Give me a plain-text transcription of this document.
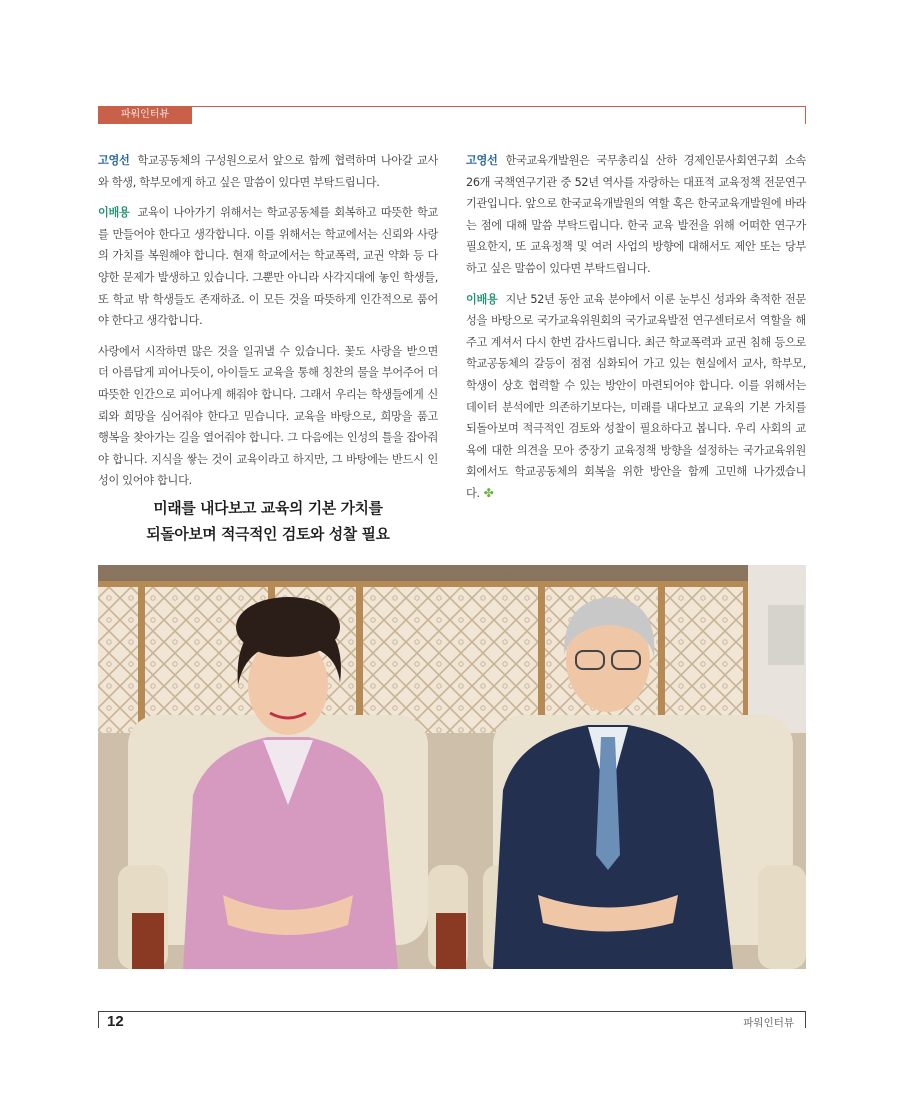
파워인터뷰

고영선 학교공동체의 구성원으로서 앞으로 함께 협력하며 나아갈 교사와 학생, 학부모에게 하고 싶은 말씀이 있다면 부탁드립니다.

이배용 교육이 나아가기 위해서는 학교공동체를 회복하고 따뜻한 학교를 만들어야 한다고 생각합니다. 이를 위해서는 학교에서는 신뢰와 사랑의 가치를 복원해야 합니다. 현재 학교에서는 학교폭력, 교권 약화 등 다양한 문제가 발생하고 있습니다. 그뿐만 아니라 사각지대에 놓인 학생들, 또 학교 밖 학생들도 존재하죠. 이 모든 것을 따뜻하게 인간적으로 품어야 한다고 생각합니다.

사랑에서 시작하면 많은 것을 일궈낼 수 있습니다. 꽃도 사랑을 받으면 더 아름답게 피어나듯이, 아이들도 교육을 통해 칭찬의 물을 부어주어 더 따뜻한 인간으로 피어나게 해줘야 합니다. 그래서 우리는 학생들에게 신뢰와 희망을 심어줘야 한다고 믿습니다. 교육을 바탕으로, 희망을 품고 행복을 찾아가는 길을 열어줘야 합니다. 그 다음에는 인성의 틀을 잡아줘야 합니다. 지식을 쌓는 것이 교육이라고 하지만, 그 바탕에는 반드시 인성이 있어야 합니다.

미래를 내다보고 교육의 기본 가치를
되돌아보며 적극적인 검토와 성찰 필요

고영선 한국교육개발원은 국무총리실 산하 경제인문사회연구회 소속 26개 국책연구기관 중 52년 역사를 자랑하는 대표적 교육정책 전문연구기관입니다. 앞으로 한국교육개발원의 역할 혹은 한국교육개발원에 바라는 점에 대해 말씀 부탁드립니다. 한국 교육 발전을 위해 어떠한 연구가 필요한지, 또 교육정책 및 여러 사업의 방향에 대해서도 제안 또는 당부하고 싶은 말씀이 있다면 부탁드립니다.

이배용 지난 52년 동안 교육 분야에서 이룬 눈부신 성과와 축적한 전문성을 바탕으로 국가교육위원회의 국가교육발전 연구센터로서 역할을 해주고 계셔서 다시 한번 감사드립니다. 최근 학교폭력과 교권 침해 등으로 학교공동체의 갈등이 점점 심화되어 가고 있는 현실에서 교사, 학부모, 학생이 상호 협력할 수 있는 방안이 마련되어야 합니다. 이를 위해서는 데이터 분석에만 의존하기보다는, 미래를 내다보고 교육의 기본 가치를 되돌아보며 적극적인 검토와 성찰이 필요하다고 봅니다. 우리 사회의 교육에 대한 의견을 모아 중장기 교육정책 방향을 설정하는 국가교육위원회에서도 학교공동체의 회복을 위한 방안을 함께 고민해 나가겠습니다. ✤

12	파워인터뷰
